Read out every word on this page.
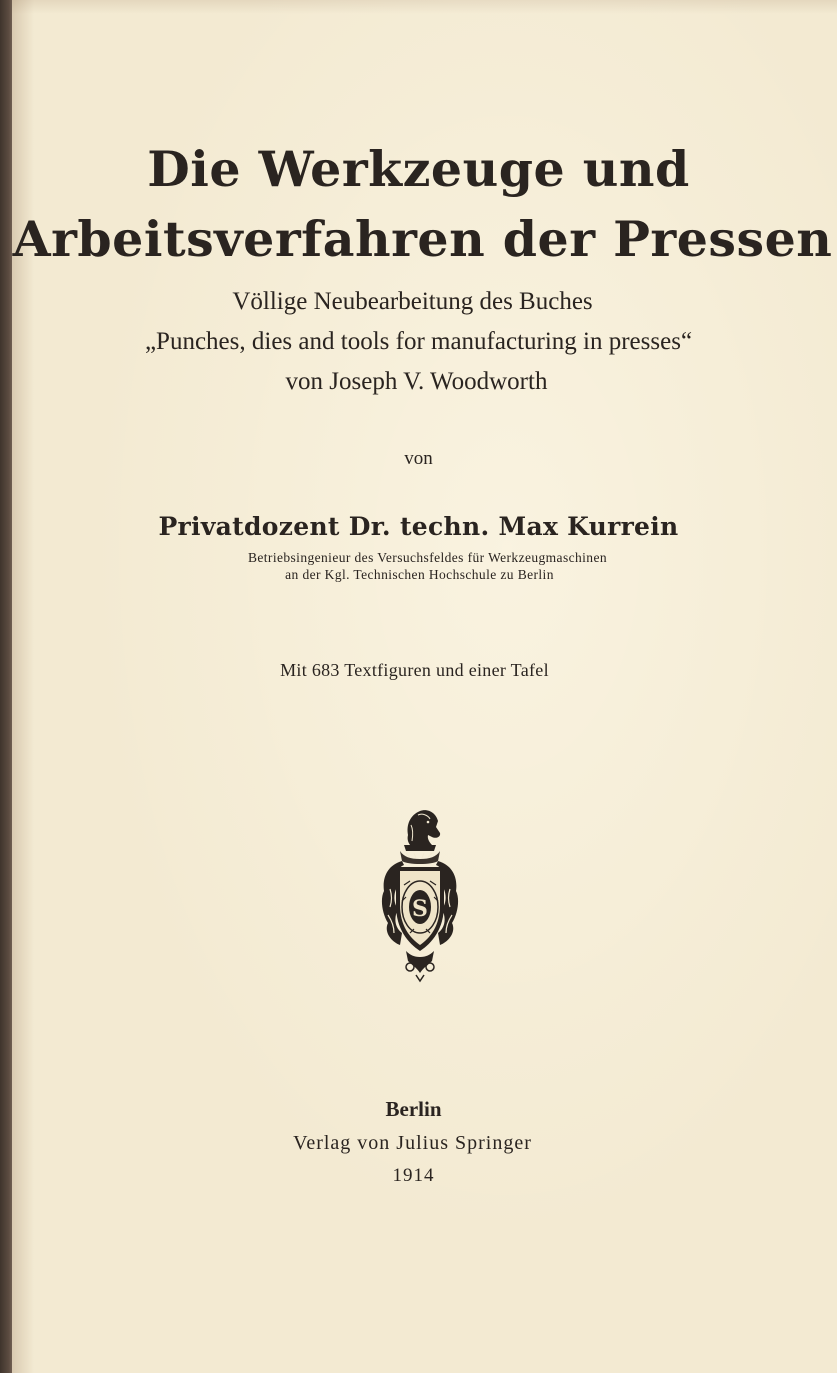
Die Werkzeuge und
Arbeitsverfahren der Pressen
Völlige Neubearbeitung des Buches
„Punches, dies and tools for manufacturing in presses“
von Joseph V. Woodworth
von
Privatdozent Dr. techn. Max Kurrein
Betriebsingenieur des Versuchsfeldes für Werkzeugmaschinen
an der Kgl. Technischen Hochschule zu Berlin
Mit 683 Textfiguren und einer Tafel
S
Berlin
Verlag von Julius Springer
1914
